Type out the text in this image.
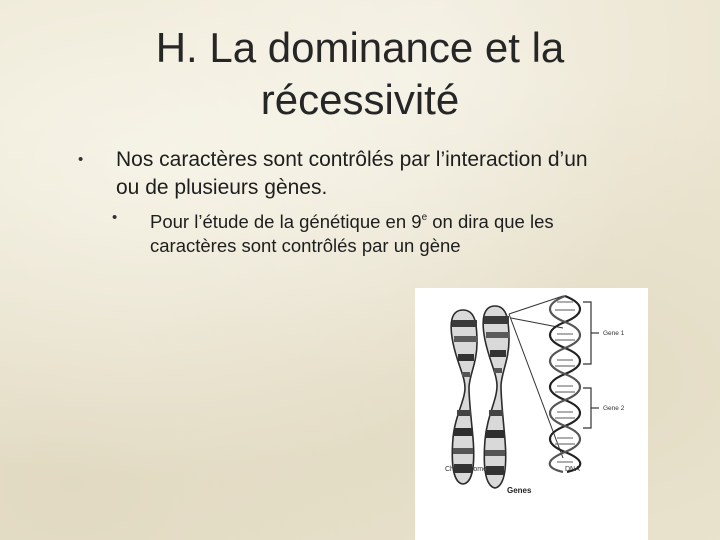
H. La dominance et la
récessivité
•	Nos caractères sont contrôlés par l’interaction d’un ou de plusieurs gènes.
•	Pour l’étude de la génétique en 9e on dira que les caractères sont contrôlés par un gène
Gene 1
Gene 2
Chromosome	DNA
Genes
